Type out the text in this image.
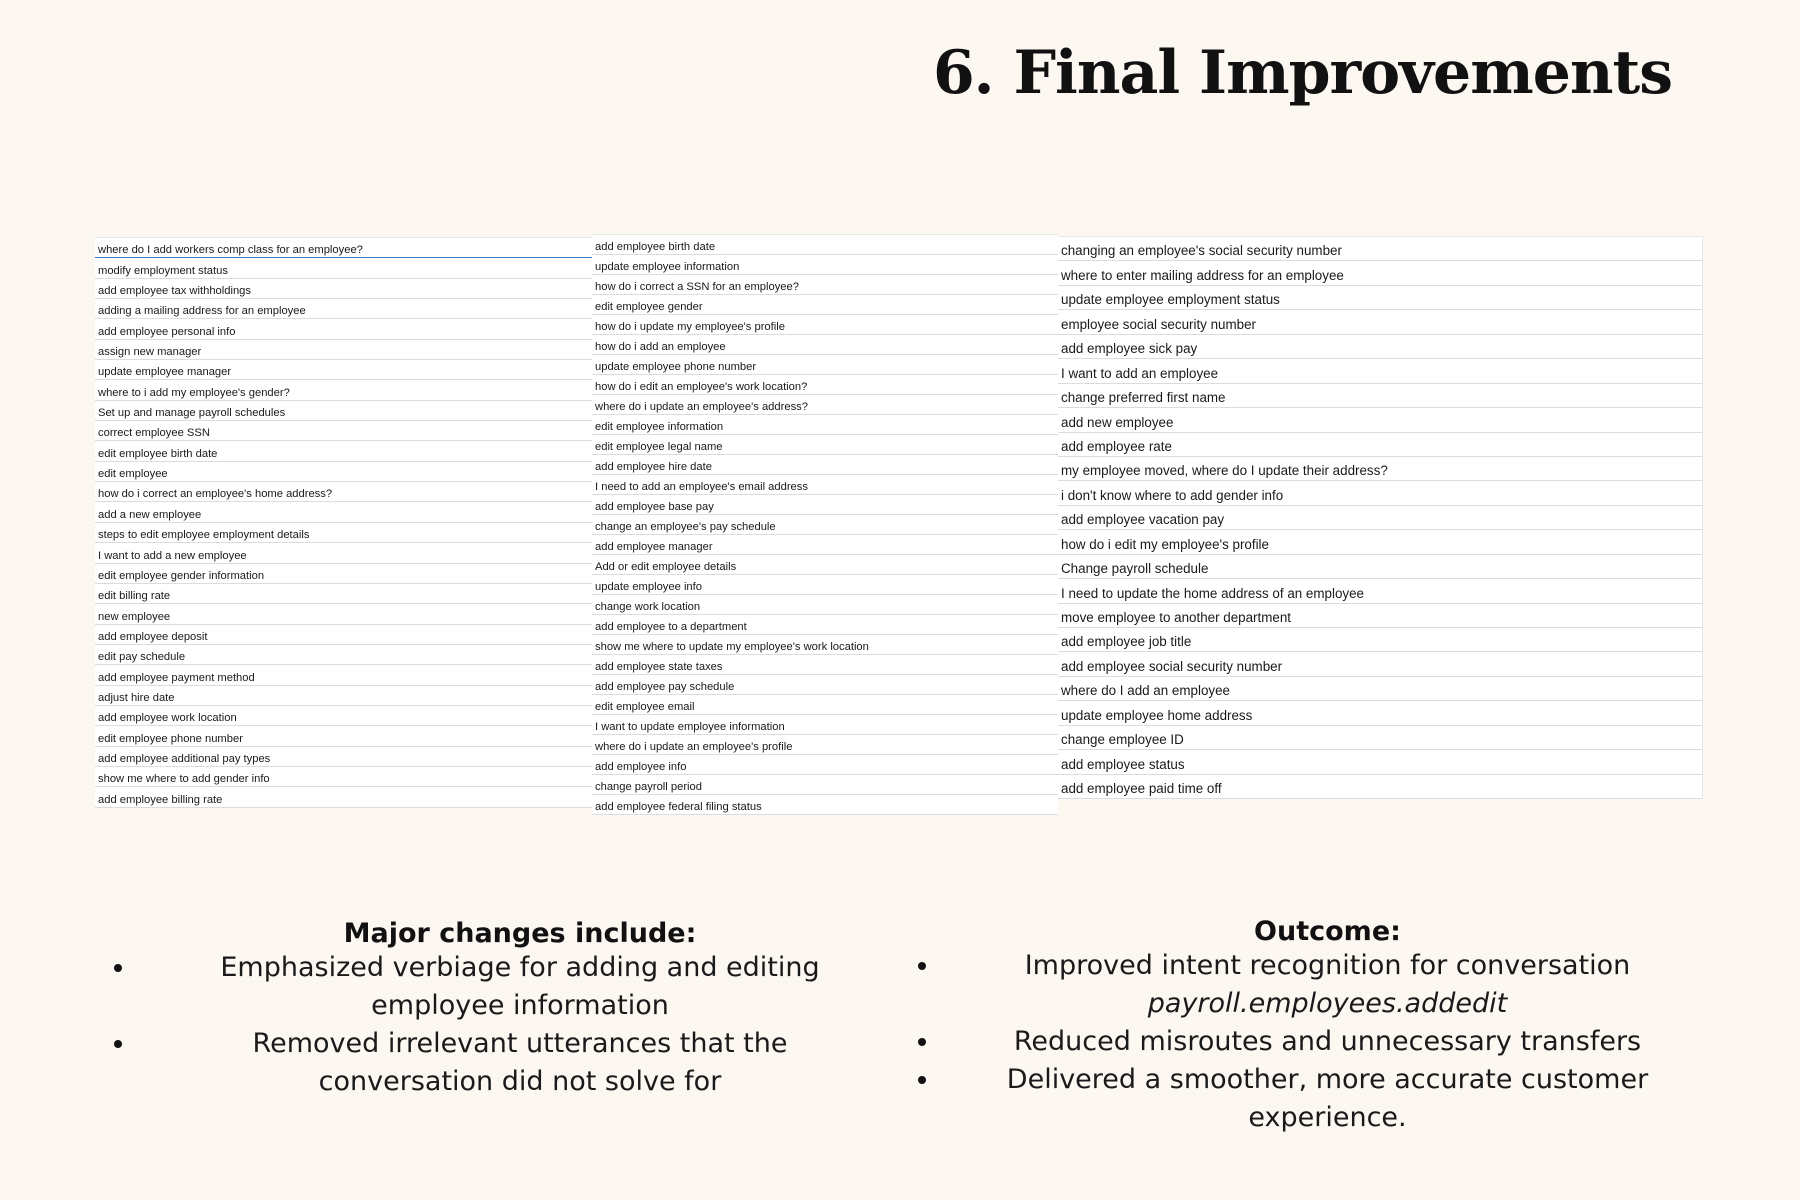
6. Final Improvements
where do I add workers comp class for an employee?
modify employment status
add employee tax withholdings
adding a mailing address for an employee
add employee personal info
assign new manager
update employee manager
where to i add my employee's gender?
Set up and manage payroll schedules
correct employee SSN
edit employee birth date
edit employee
how do i correct an employee's home address?
add a new employee
steps to edit employee employment details
I want to add a new employee
edit employee gender information
edit billing rate
new employee
add employee deposit
edit pay schedule
add employee payment method
adjust hire date
add employee work location
edit employee phone number
add employee additional pay types
show me where to add gender info
add employee billing rate
add employee birth date
update employee information
how do i correct a SSN for an employee?
edit employee gender
how do i update my employee's profile
how do i add an employee
update employee phone number
how do i edit an employee's work location?
where do i update an employee's address?
edit employee information
edit employee legal name
add employee hire date
I need to add an employee's email address
add employee base pay
change an employee's pay schedule
add employee manager
Add or edit employee details
update employee info
change work location
add employee to a department
show me where to update my employee's work location
add employee state taxes
add employee pay schedule
edit employee email
I want to update employee information
where do i update an employee's profile
add employee info
change payroll period
add employee federal filing status
changing an employee's social security number
where to enter mailing address for an employee
update employee employment status
employee social security number
add employee sick pay
I want to add an employee
change preferred first name
add new employee
add employee rate
my employee moved, where do I update their address?
i don't know where to add gender info
add employee vacation pay
how do i edit my employee's profile
Change payroll schedule
I need to update the home address of an employee
move employee to another department
add employee job title
add employee social security number
where do I add an employee
update employee home address
change employee ID
add employee status
add employee paid time off
Major changes include:
Emphasized verbiage for adding and editing employee information
Removed irrelevant utterances that the conversation did not solve for
Outcome:
Improved intent recognition for conversation
payroll.employees.addedit
Reduced misroutes and unnecessary transfers
Delivered a smoother, more accurate customer experience.
